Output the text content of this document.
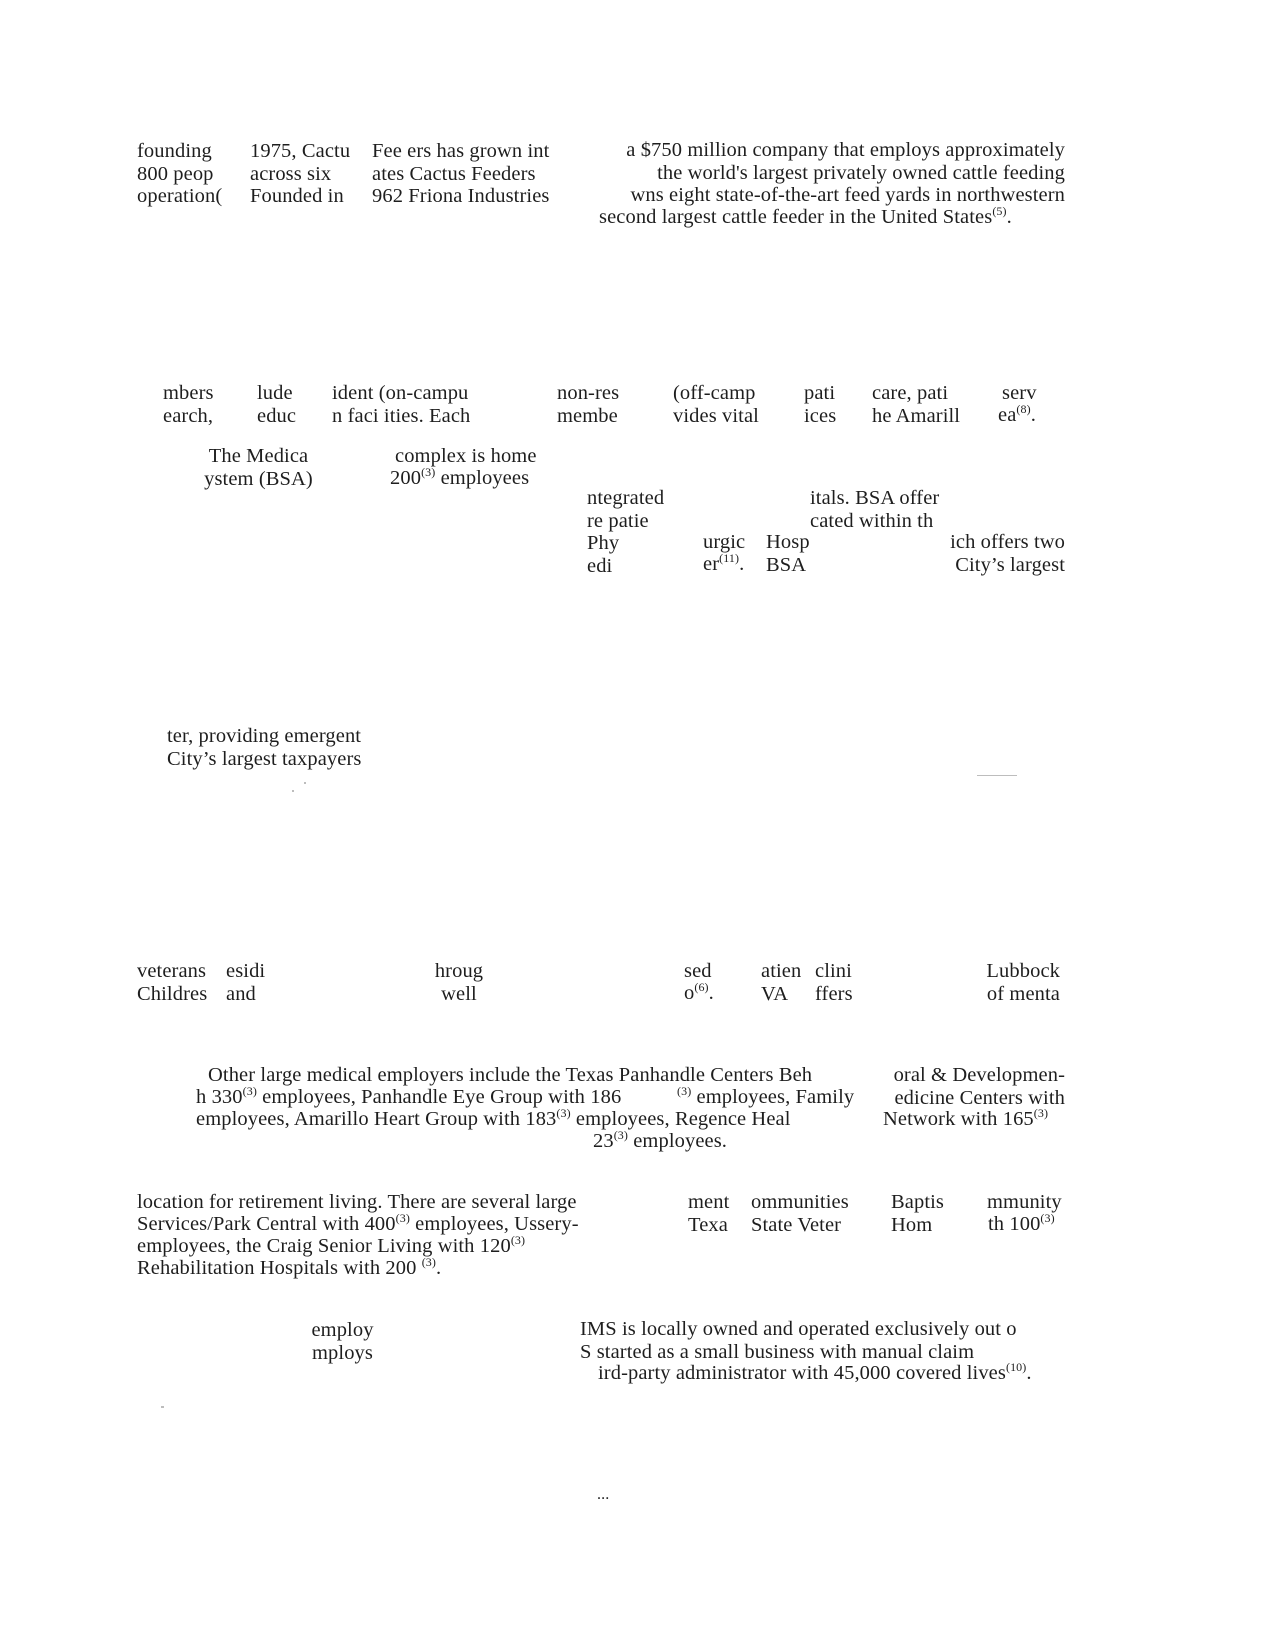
founding
800 peop
operation(

1975, Cactu
across six
Founded in

Fee ers has grown int
ates Cactus Feeders
962 Friona Industries

a $750 million company that employs approximately
the world's largest privately owned cattle feeding
wns eight state-of-the-art feed yards in northwestern

second largest cattle feeder in the United States$^{(5)}$.

mbers
earch,

lude
educ

ident (on-campu
n faci ities. Each

non-res
membe

(off-camp
vides vital

pati
ices

care, pati
he Amarill

serv

$ea^{(8)}$.

The Medica
ystem (BSA)

complex is home

200$^{(3)}$ employees

ntegrated
re patie
Phy
edi

urgic

$er^{(11)}$.

Hosp
BSA

itals. BSA offer
cated within th

ich offers two
City’s largest

ter, providing emergent
City’s largest taxpayers

veterans
Childres

esidi
and

hroug
well

sed

$o^{(6)}$.

atien
VA

clini
ffers

Lubbock
of menta

Other large medical employers include the Texas Panhandle Centers Beh

h 330$^{(3)}$ employees, Panhandle Eye Group with 186	$^{(3)}$ employees, Family

employees, Amarillo Heart Group with 183$^{(3)}$ employees, Regence Heal

23$^{(3)}$ employees.

oral & Developmen-
edicine Centers with

Network with 165$^{(3)}$

location for retirement living. There are several large

Services/Park Central with 400$^{(3)}$ employees, Ussery-

employees, the Craig Senior Living with 120$^{(3)}$

Rehabilitation Hospitals with 200 $^{(3)}$.

ment
Texa

ommunities
State Veter

Baptis
Hom

mmunity

th 100$^{(3)}$

employ
mploys

IMS is locally owned and operated exclusively out o
S started as a small business with manual claim

ird-party administrator with 45,000 covered lives$^{(10)}$.

...
